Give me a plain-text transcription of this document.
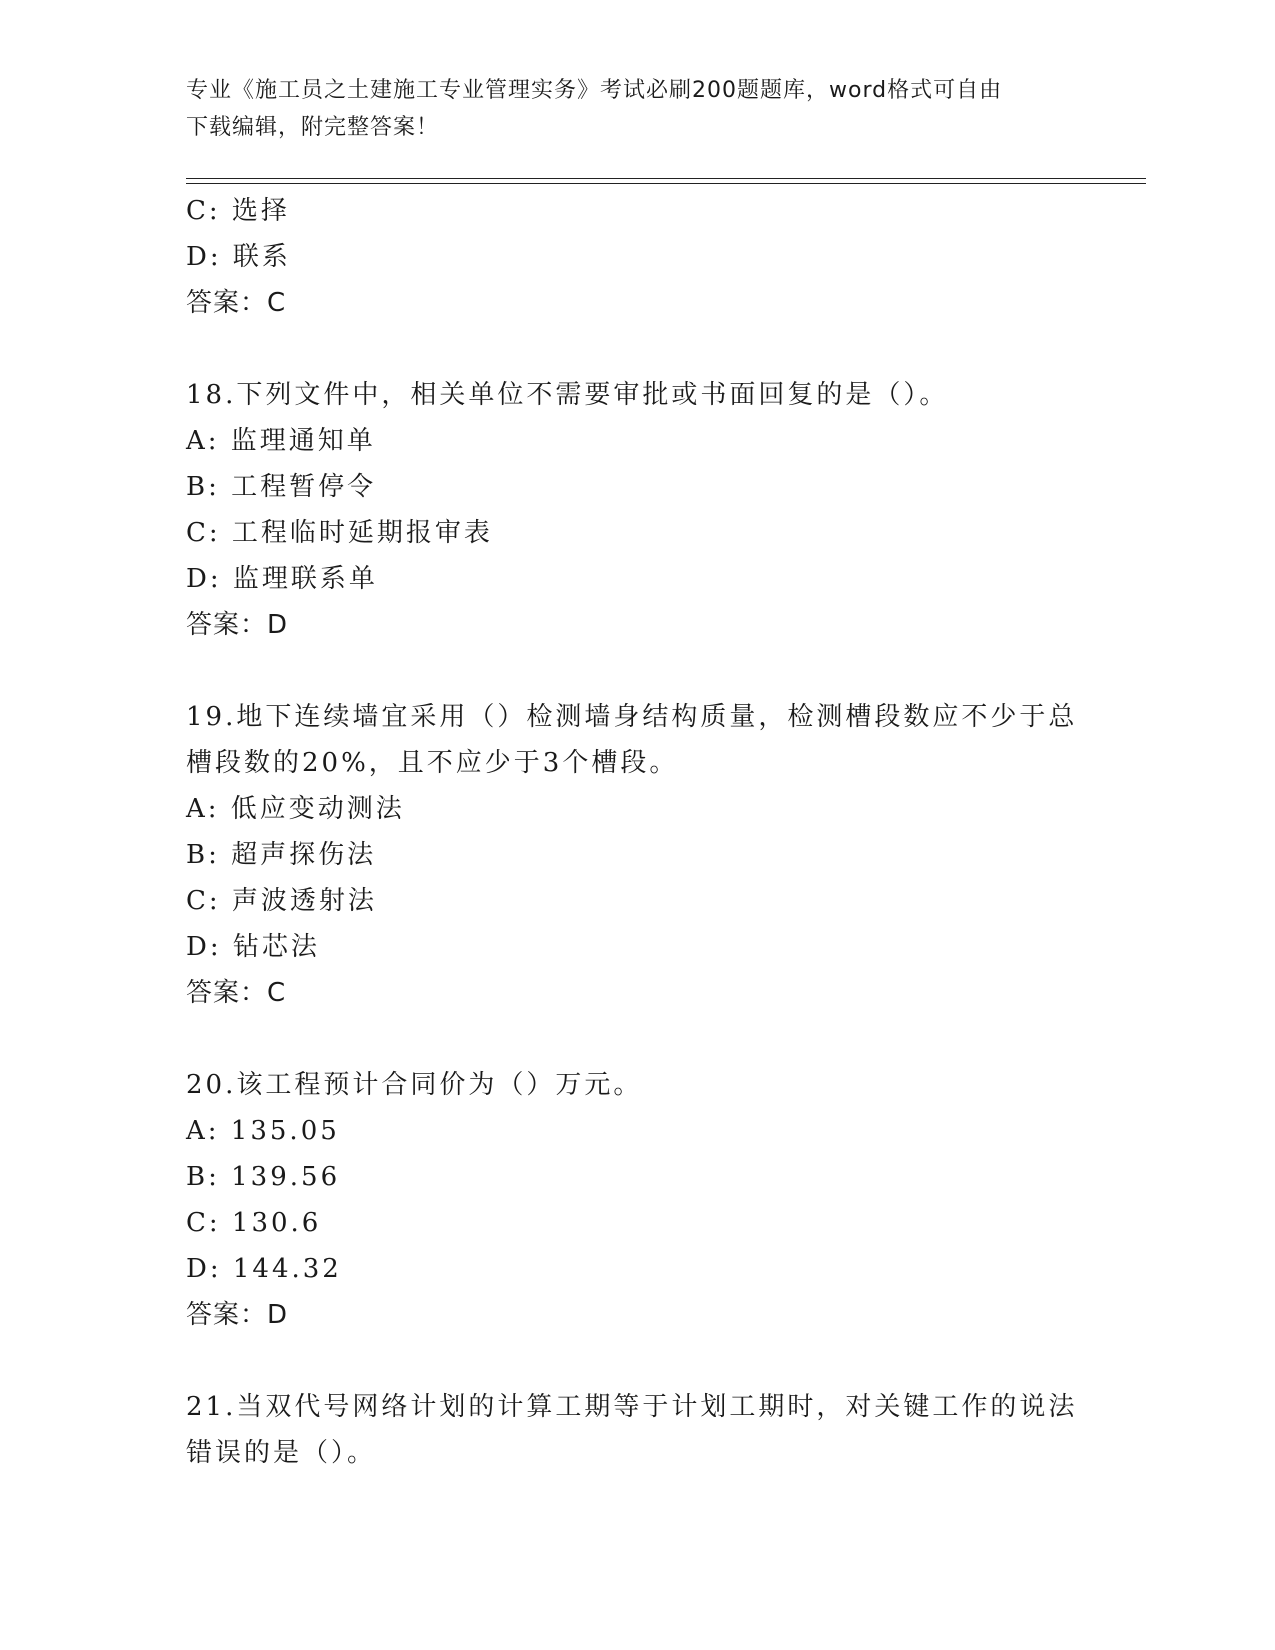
专业《施工员之土建施工专业管理实务》考试必刷200题题库，word格式可自由
下载编辑，附完整答案！
C: 选择
D: 联系
答案：C
18.下列文件中，相关单位不需要审批或书面回复的是（）。
A: 监理通知单
B: 工程暂停令
C: 工程临时延期报审表
D: 监理联系单
答案：D
19.地下连续墙宜采用（）检测墙身结构质量，检测槽段数应不少于总
槽段数的20%，且不应少于3个槽段。
A: 低应变动测法
B: 超声探伤法
C: 声波透射法
D: 钻芯法
答案：C
20.该工程预计合同价为（）万元。
A: 135.05
B: 139.56
C: 130.6
D: 144.32
答案：D
21.当双代号网络计划的计算工期等于计划工期时，对关键工作的说法
错误的是（）。
